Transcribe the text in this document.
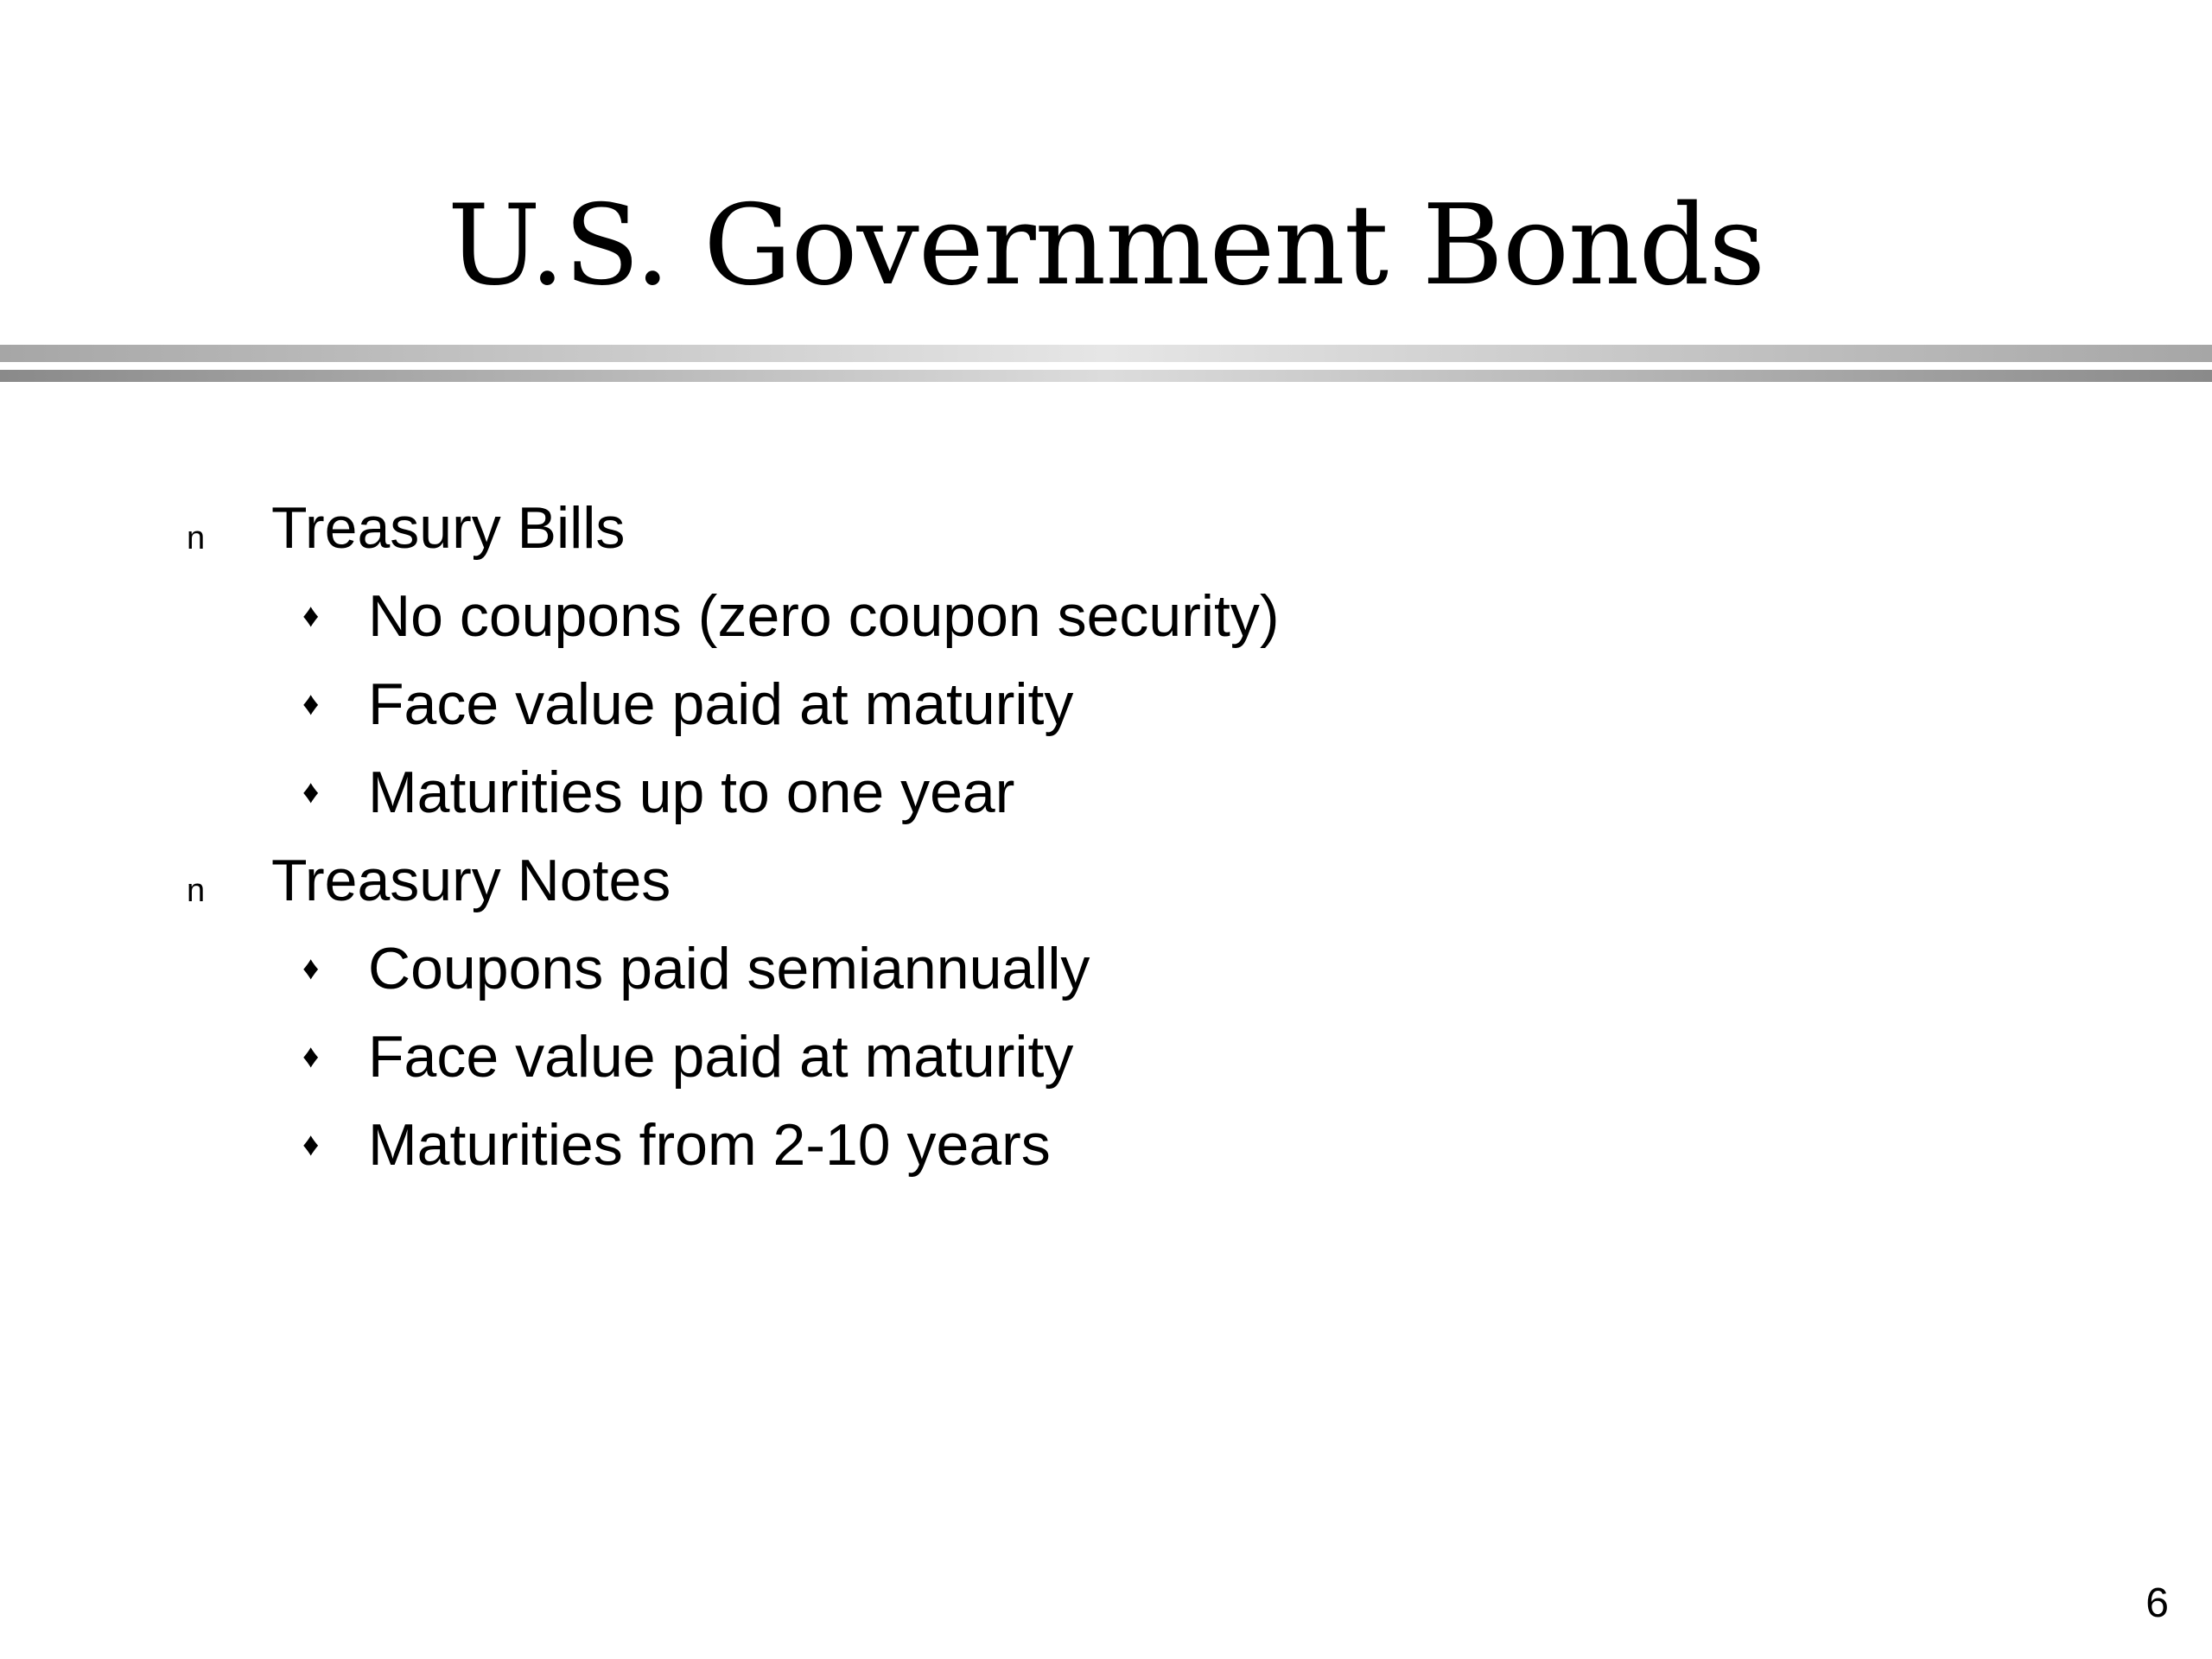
U.S. Government Bonds
n Treasury Bills
♦ No coupons (zero coupon security)
♦ Face value paid at maturity
♦ Maturities up to one year
n Treasury Notes
♦ Coupons paid semiannually
♦ Face value paid at maturity
♦ Maturities from 2-10 years
6
